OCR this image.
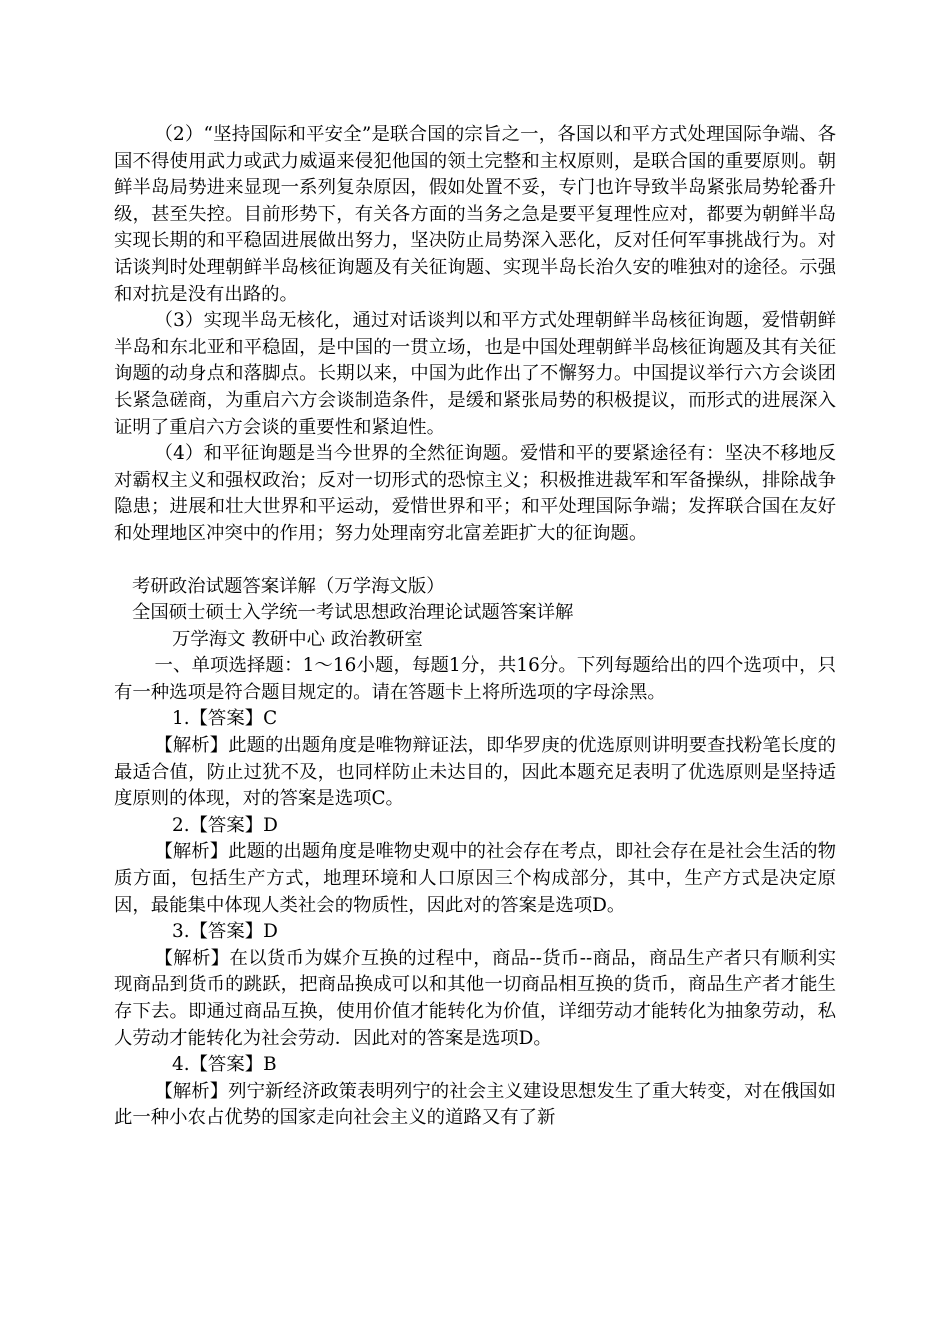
（2）“坚持国际和平安全”是联合国的宗旨之一，各国以和平方式处理国际争端、各国不得使用武力或武力威逼来侵犯他国的领土完整和主权原则，是联合国的重要原则。朝鲜半岛局势进来显现一系列复杂原因，假如处置不妥，专门也许导致半岛紧张局势轮番升级，甚至失控。目前形势下，有关各方面的当务之急是要平复理性应对，都要为朝鲜半岛实现长期的和平稳固进展做出努力，坚决防止局势深入恶化，反对任何军事挑战行为。对话谈判时处理朝鲜半岛核征询题及有关征询题、实现半岛长治久安的唯独对的途径。示强和对抗是没有出路的。

（3）实现半岛无核化，通过对话谈判以和平方式处理朝鲜半岛核征询题，爱惜朝鲜半岛和东北亚和平稳固，是中国的一贯立场，也是中国处理朝鲜半岛核征询题及其有关征询题的动身点和落脚点。长期以来，中国为此作出了不懈努力。中国提议举行六方会谈团长紧急磋商，为重启六方会谈制造条件，是缓和紧张局势的积极提议，而形式的进展深入证明了重启六方会谈的重要性和紧迫性。

（4）和平征询题是当今世界的全然征询题。爱惜和平的要紧途径有：坚决不移地反对霸权主义和强权政治；反对一切形式的恐惊主义；积极推进裁军和军备操纵，排除战争隐患；进展和壮大世界和平运动，爱惜世界和平；和平处理国际争端；发挥联合国在友好和处理地区冲突中的作用；努力处理南穷北富差距扩大的征询题。

考研政治试题答案详解（万学海文版）

全国硕士硕士入学统一考试思想政治理论试题答案详解

万学海文 教研中心 政治教研室

一、单项选择题：1～16小题，每题1分，共16分。下列每题给出的四个选项中，只有一种选项是符合题目规定的。请在答题卡上将所选项的字母涂黑。

1.【答案】C

【解析】此题的出题角度是唯物辩证法，即华罗庚的优选原则讲明要查找粉笔长度的最适合值，防止过犹不及，也同样防止未达目的，因此本题充足表明了优选原则是坚持适度原则的体现，对的答案是选项C。

2.【答案】D

【解析】此题的出题角度是唯物史观中的社会存在考点，即社会存在是社会生活的物质方面，包括生产方式，地理环境和人口原因三个构成部分，其中，生产方式是决定原因，最能集中体现人类社会的物质性，因此对的答案是选项D。

3.【答案】D

【解析】在以货币为媒介互换的过程中，商品--货币--商品，商品生产者只有顺利实现商品到货币的跳跃，把商品换成可以和其他一切商品相互换的货币，商品生产者才能生存下去。即通过商品互换，使用价值才能转化为价值，详细劳动才能转化为抽象劳动，私人劳动才能转化为社会劳动．因此对的答案是选项D。

4.【答案】B

【解析】列宁新经济政策表明列宁的社会主义建设思想发生了重大转变，对在俄国如此一种小农占优势的国家走向社会主义的道路又有了新
